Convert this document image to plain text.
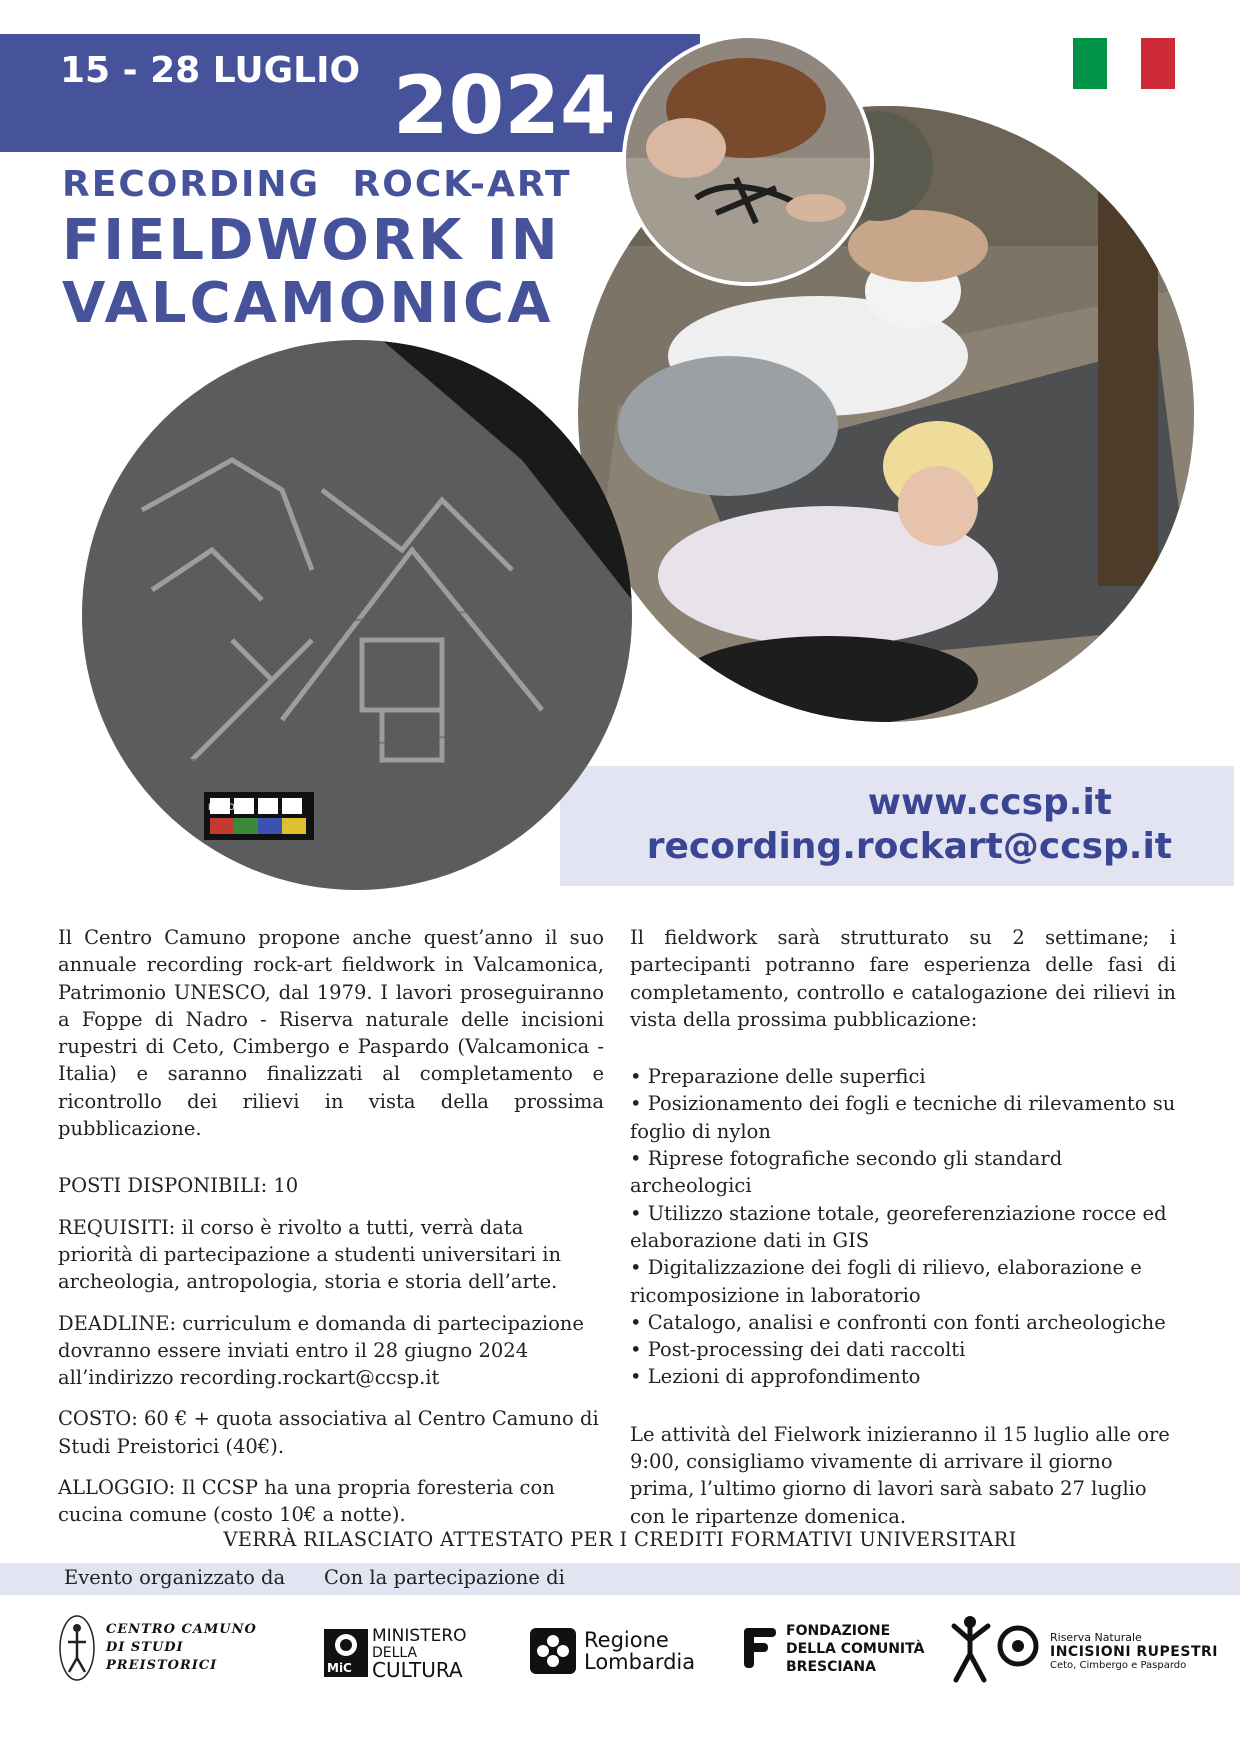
15 - 28 LUGLIO 2024
RECORDING ROCK-ART
FIELDWORK IN
VALCAMONICA
IFRAO	www.ccsp.it
recording.rockart@ccsp.it

Il Centro Camuno propone anche quest’anno il suo annuale recording rock-art fieldwork in Valcamonica, Patrimonio UNESCO, dal 1979. I lavori proseguiranno a Foppe di Nadro - Riserva naturale delle incisioni rupestri di Ceto, Cimbergo e Paspardo (Valcamonica - Italia) e saranno finalizzati al completamento e ricontrollo dei rilievi in vista della prossima pubblicazione.

POSTI DISPONIBILI: 10

REQUISITI: il corso è rivolto a tutti, verrà data priorità di partecipazione a studenti universitari in archeologia, antropologia, storia e storia dell’arte.

DEADLINE: curriculum e domanda di partecipazione dovranno essere inviati entro il 28 giugno 2024 all’indirizzo recording.rockart@ccsp.it

COSTO: 60 € + quota associativa al Centro Camuno di Studi Preistorici (40€).

ALLOGGIO: Il CCSP ha una propria foresteria con cucina comune (costo 10€ a notte).

Il fieldwork sarà strutturato su 2 settimane; i partecipanti potranno fare esperienza delle fasi di completamento, controllo e catalogazione dei rilievi in vista della prossima pubblicazione:

• Preparazione delle superfici
• Posizionamento dei fogli e tecniche di rilevamento su foglio di nylon
• Riprese fotografiche secondo gli standard archeologici
• Utilizzo stazione totale, georeferenziazione rocce ed elaborazione dati in GIS
• Digitalizzazione dei fogli di rilievo, elaborazione e ricomposizione in laboratorio
• Catalogo, analisi e confronti con fonti archeologiche
• Post-processing dei dati raccolti
• Lezioni di approfondimento

Le attività del Fielwork inizieranno il 15 luglio alle ore 9:00, consigliamo vivamente di arrivare il giorno prima, l’ultimo giorno di lavori sarà sabato 27 luglio con le ripartenze domenica.

VERRÀ RILASCIATO ATTESTATO PER I CREDITI FORMATIVI UNIVERSITARI
Evento organizzato da Con la partecipazione di
CENTRO CAMUNO
DI STUDI
PREISTORICI	MiC
MINISTERO
DELLA
CULTURA
Regione
Lombardia
FONDAZIONE
DELLA COMUNITÀ
BRESCIANA
Riserva Naturale
INCISIONI RUPESTRI
Ceto, Cimbergo e Paspardo
